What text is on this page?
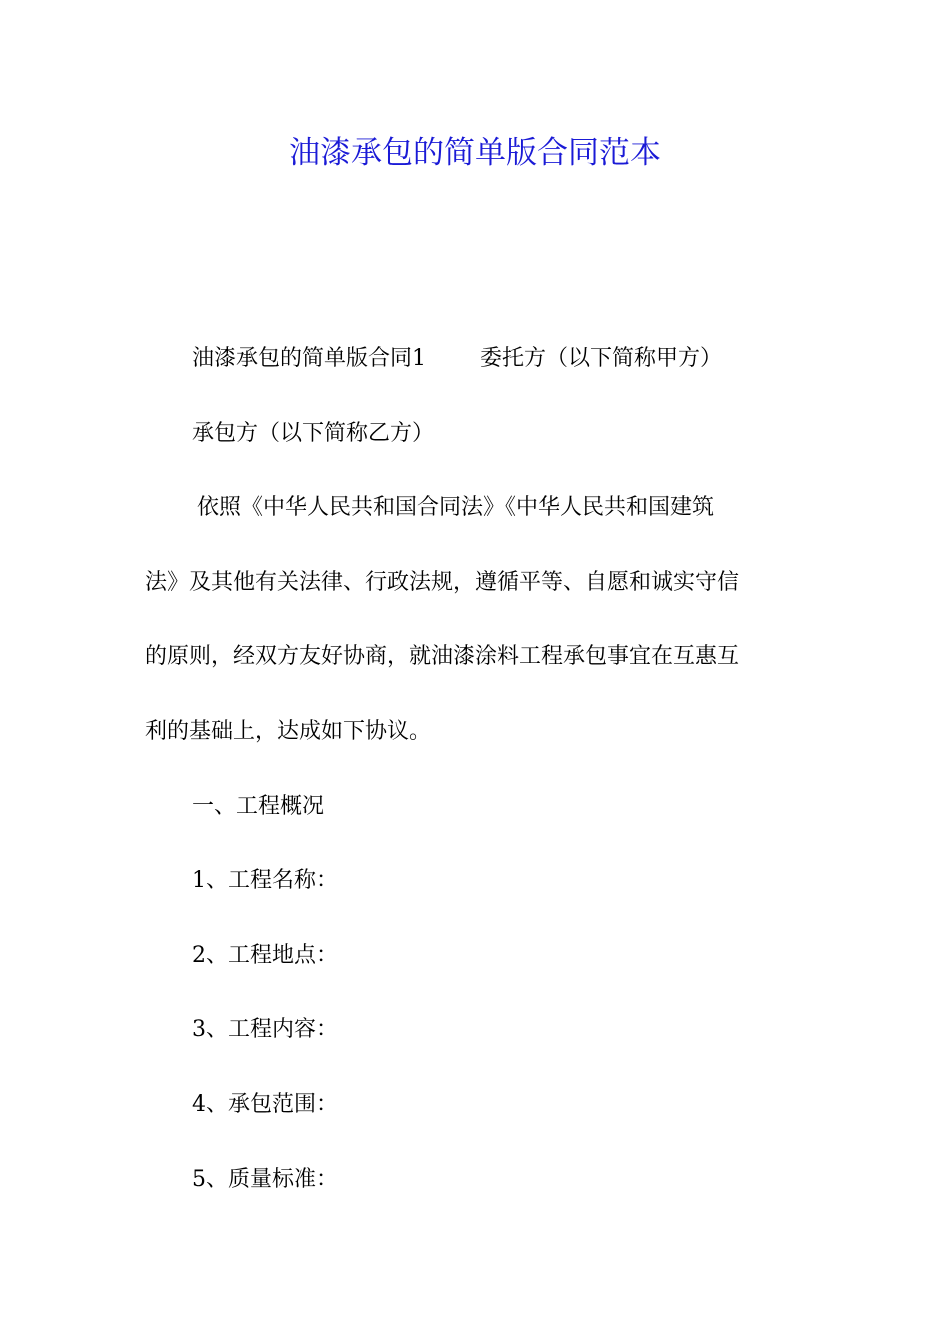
油漆承包的简单版合同范本

油漆承包的简单版合同1 委托方（以下简称甲方）

承包方（以下简称乙方）

依照《中华人民共和国合同法》《中华人民共和国建筑

法》及其他有关法律、行政法规，遵循平等、自愿和诚实守信

的原则，经双方友好协商，就油漆涂料工程承包事宜在互惠互

利的基础上，达成如下协议。

一、工程概况

1、工程名称：

2、工程地点：

3、工程内容：

4、承包范围：

5、质量标准：
